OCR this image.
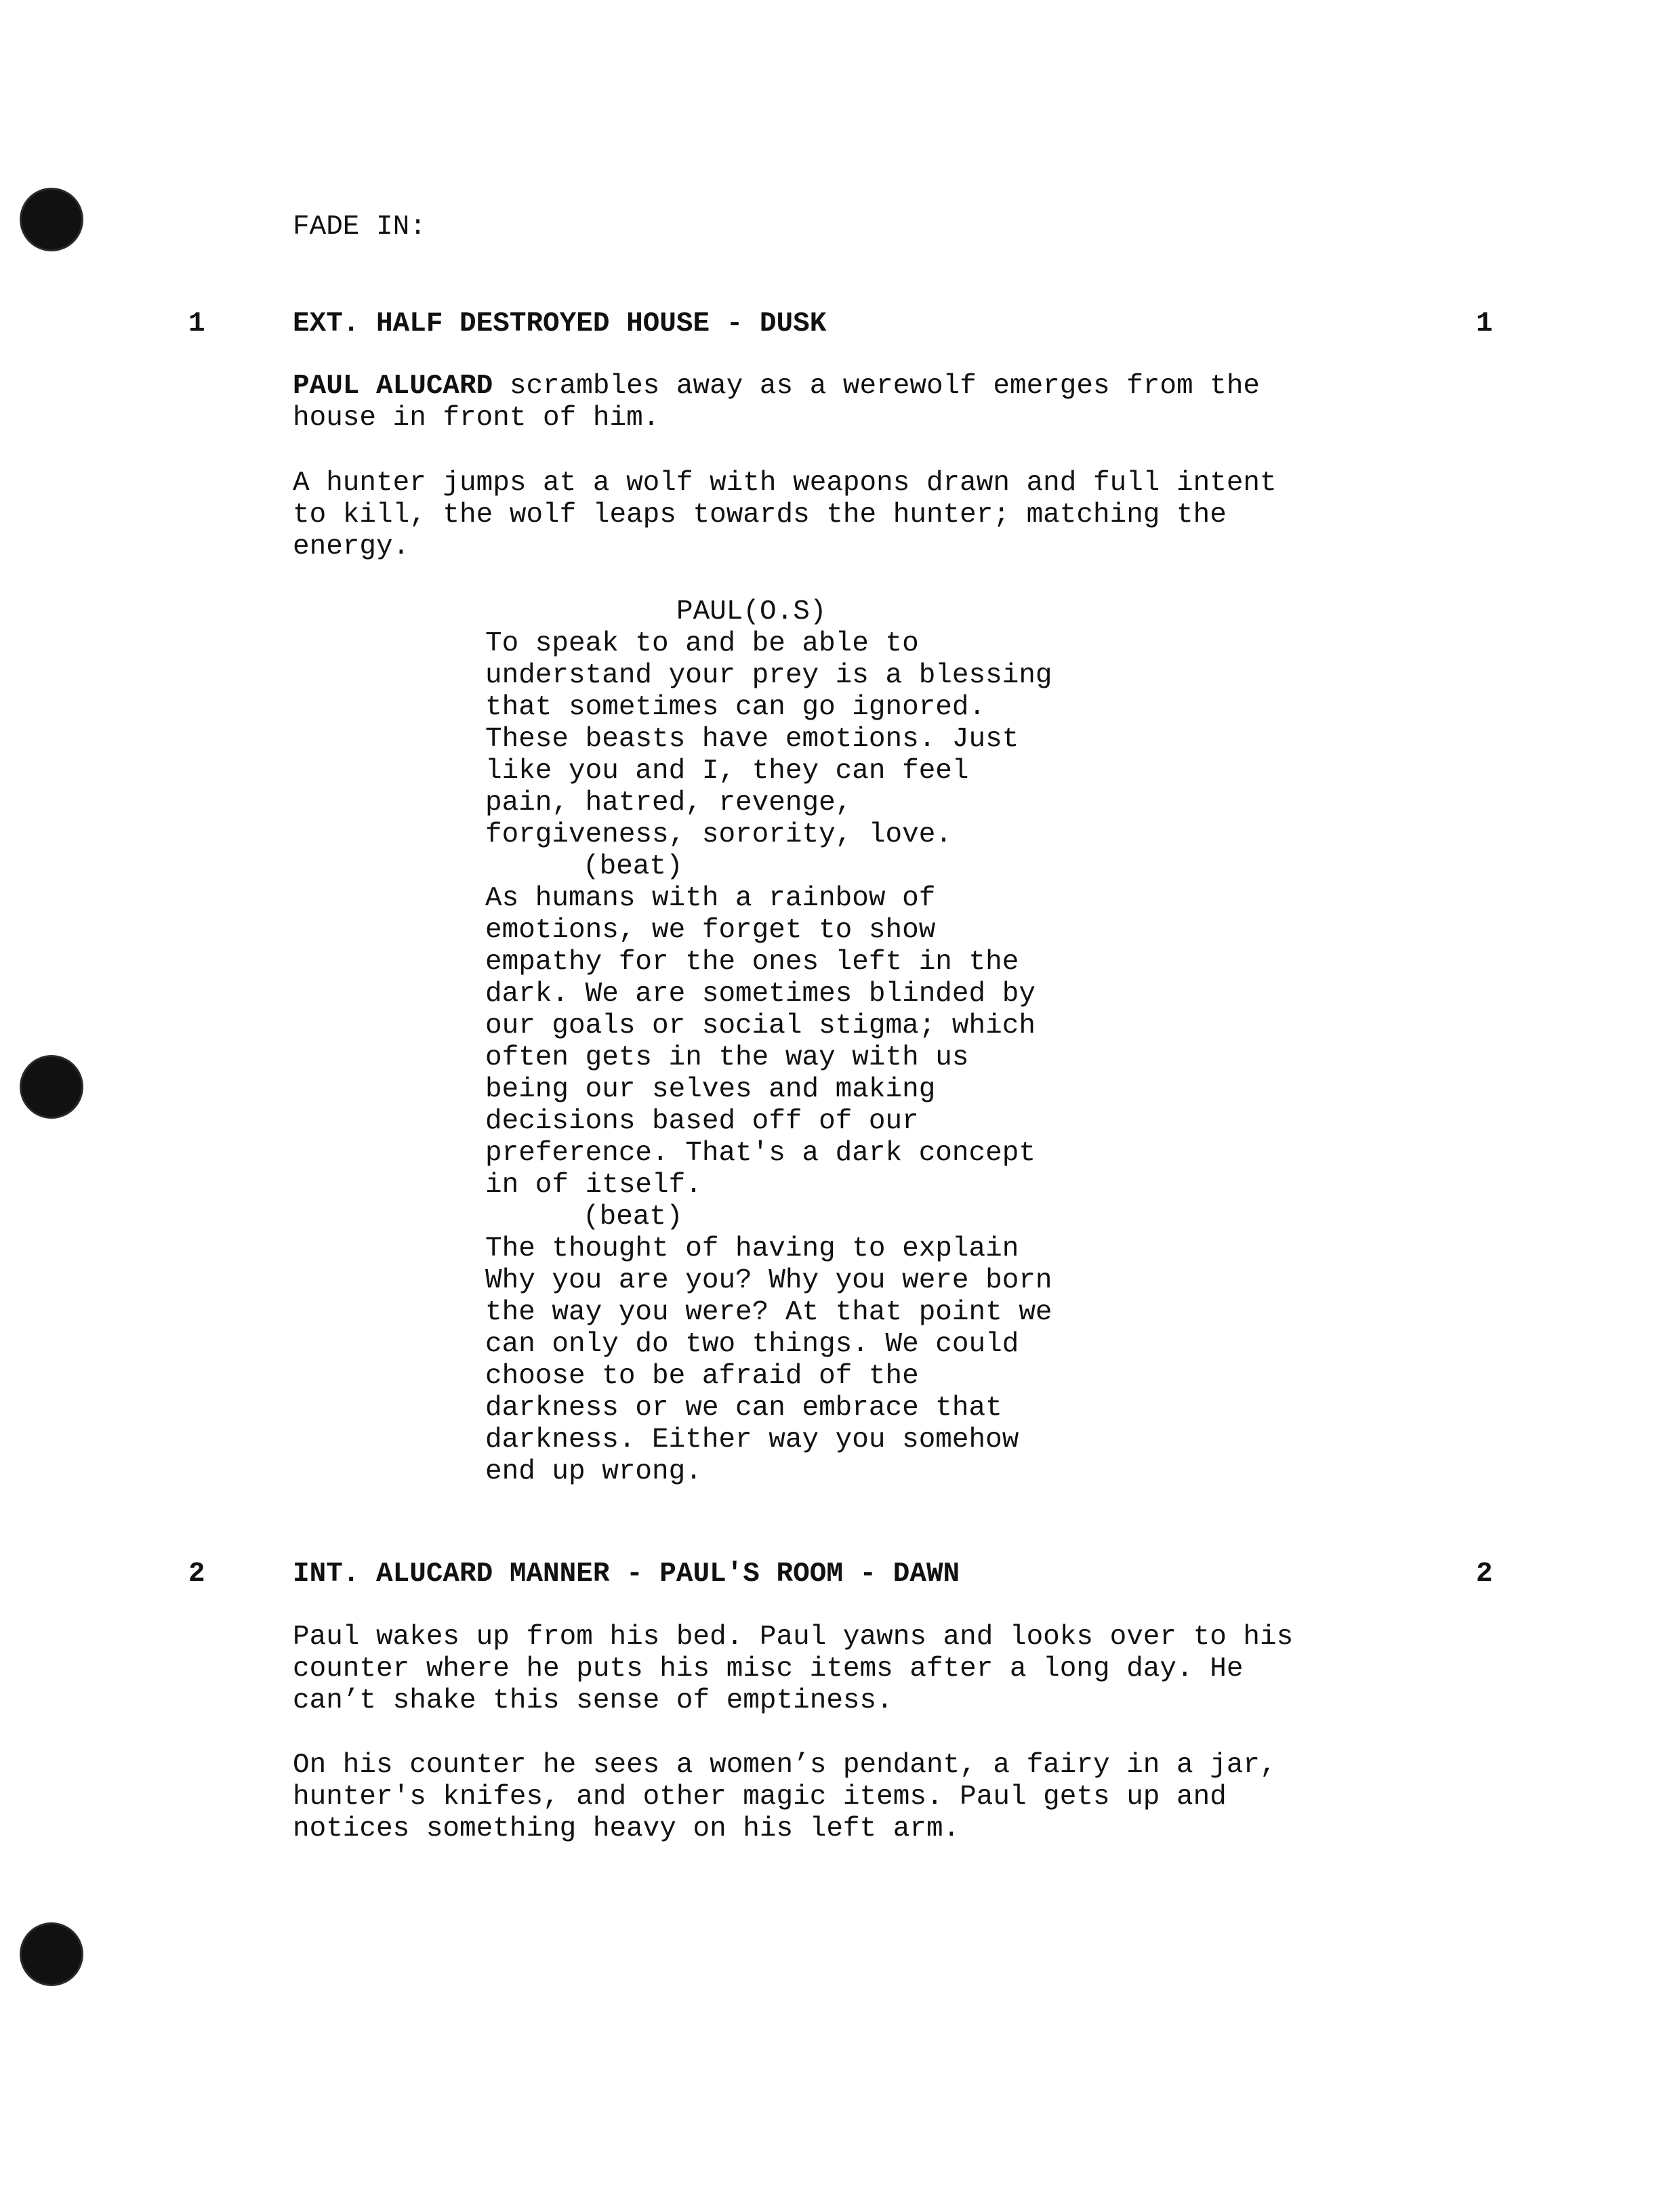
FADE IN:
1	EXT. HALF DESTROYED HOUSE - DUSK	1
PAUL ALUCARD scrambles away as a werewolf emerges from the
house in front of him.
A hunter jumps at a wolf with weapons drawn and full intent
to kill, the wolf leaps towards the hunter; matching the
energy.
PAUL(O.S)
To speak to and be able to
understand your prey is a blessing
that sometimes can go ignored.
These beasts have emotions. Just
like you and I, they can feel
pain, hatred, revenge,
forgiveness, sorority, love.
(beat)
As humans with a rainbow of
emotions, we forget to show
empathy for the ones left in the
dark. We are sometimes blinded by
our goals or social stigma; which
often gets in the way with us
being our selves and making
decisions based off of our
preference. That's a dark concept
in of itself.
(beat)
The thought of having to explain
Why you are you? Why you were born
the way you were? At that point we
can only do two things. We could
choose to be afraid of the
darkness or we can embrace that
darkness. Either way you somehow
end up wrong.
2	INT. ALUCARD MANNER - PAUL'S ROOM - DAWN	2
Paul wakes up from his bed. Paul yawns and looks over to his
counter where he puts his misc items after a long day. He
can’t shake this sense of emptiness.
On his counter he sees a women’s pendant, a fairy in a jar,
hunter's knifes, and other magic items. Paul gets up and
notices something heavy on his left arm.
